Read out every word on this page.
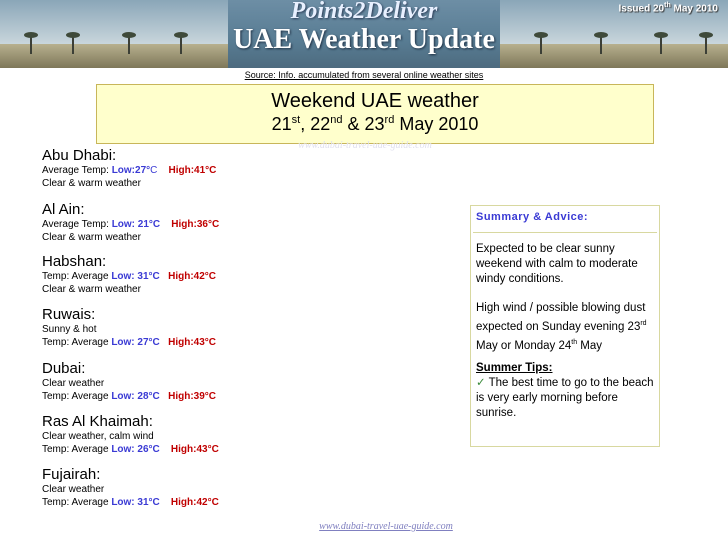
Points2Deliver
UAE Weather Update
Issued 20th May 2010
Source: Info. accumulated from several online weather sites
Weekend UAE weather
21st, 22nd & 23rd May 2010
www.dubai-travel-uae-guide.com
Abu Dhabi:
Average Temp: Low:27°C High:41°C
Clear & warm weather
Al Ain:
Average Temp: Low: 21°C High:36°C
Clear & warm weather
Habshan:
Temp: Average Low: 31°C High:42°C
Clear & warm weather
Ruwais:
Sunny & hot
Temp: Average Low: 27°C High:43°C
Dubai:
Clear weather
Temp: Average Low: 28°C High:39°C
Ras Al Khaimah:
Clear weather, calm wind
Temp: Average Low: 26°C High:43°C
Fujairah:
Clear weather
Temp: Average Low: 31°C High:42°C
Summary & Advice:
Expected to be clear sunny weekend with calm to moderate windy conditions.
High wind / possible blowing dust expected on Sunday evening 23rd May or Monday 24th May
Summer Tips:
✓ The best time to go to the beach is very early morning before sunrise.
www.dubai-travel-uae-guide.com
